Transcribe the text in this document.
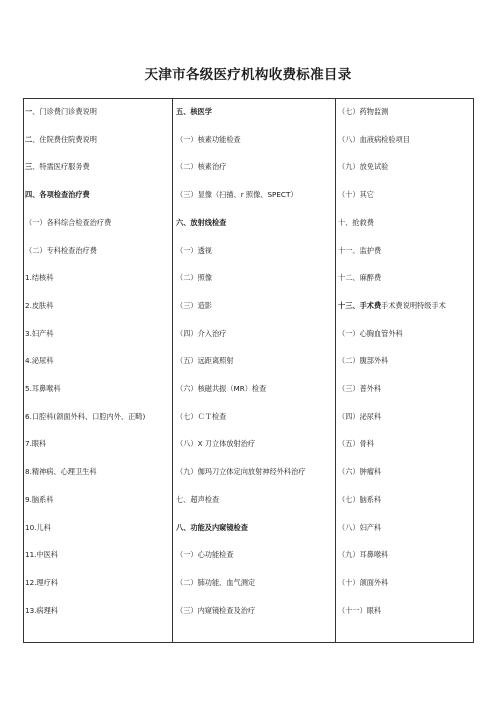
天津市各级医疗机构收费标准目录
一、门诊费门诊费说明
二、住院费住院费说明
三、特需医疗服务费
四、各项检查治疗费
（一）各科综合检查治疗费
（二）专科检查治疗费
1.结核科
2.皮肤科
3.妇产科
4.泌尿科
5.耳鼻喉科
6.口腔科(颌面外科、口腔内外、正畸)
7.眼科
8.精神病、心理卫生科
9.脑系科
10.儿科
11.中医科
12.理疗科
13.病理科
五、核医学
（一）核素功能检查
（二）核素治疗
（三）显像（扫描、r 照像、SPECT）
六、放射线检查
（一）透视
（二）照像
（三）造影
（四）介入治疗
（五）远距离照射
（六）核磁共振（MR）检查
（七）ＣＴ检查
（八）X 刀立体放射治疗
（九）伽玛刀立体定向放射神经外科治疗
七、超声检查
八、功能及内窥镜检查
（一）心功能检查
（二）肺功能、血气测定
（三）内窥镜检查及治疗
（七）药物监测
（八）血液病检验项目
（九）放免试验
（十）其它
十、抢救费
十一、监护费
十二、麻醉费
十三、手术费手术费说明特级手术
（一）心胸血管外科
（二）腹部外科
（三）普外科
（四）泌尿科
（五）骨科
（六）肿瘤科
（七）脑系科
（八）妇产科
（九）耳鼻喉科
（十）颌面外科
（十一）眼科
